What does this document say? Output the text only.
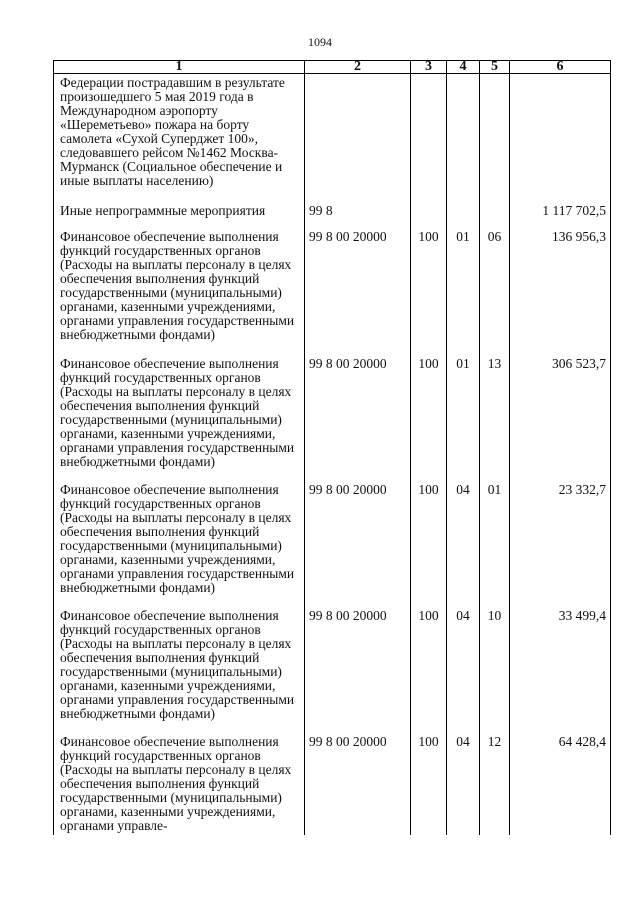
1094
1	2	3	4	5	6
Федерации пострадавшим в результате произошедшего 5 мая 2019 года в Международном аэропорту «Шереметьево» пожара на борту самолета «Сухой Суперджет 100», следовавшего рейсом №1462 Москва-Мурманск (Социальное обеспечение и иные выплаты населению)					
Иные непрограммные мероприятия	99 8				1 117 702,5
Финансовое обеспечение выполнения функций государственных органов (Расходы на выплаты персоналу в целях обеспечения выполнения функций государственными (муниципальными) органами, казенными учреждениями, органами управления государственными внебюджетными фондами)	99 8 00 20000	100	01	06	136 956,3
Финансовое обеспечение выполнения функций государственных органов (Расходы на выплаты персоналу в целях обеспечения выполнения функций государственными (муниципальными) органами, казенными учреждениями, органами управления государственными внебюджетными фондами)	99 8 00 20000	100	01	13	306 523,7
Финансовое обеспечение выполнения функций государственных органов (Расходы на выплаты персоналу в целях обеспечения выполнения функций государственными (муниципальными) органами, казенными учреждениями, органами управления государственными внебюджетными фондами)	99 8 00 20000	100	04	01	23 332,7
Финансовое обеспечение выполнения функций государственных органов (Расходы на выплаты персоналу в целях обеспечения выполнения функций государственными (муниципальными) органами, казенными учреждениями, органами управления государственными внебюджетными фондами)	99 8 00 20000	100	04	10	33 499,4
Финансовое обеспечение выполнения функций государственных органов (Расходы на выплаты персоналу в целях обеспечения выполнения функций государственными (муниципальными) органами, казенными учреждениями, органами управле-	99 8 00 20000	100	04	12	64 428,4
